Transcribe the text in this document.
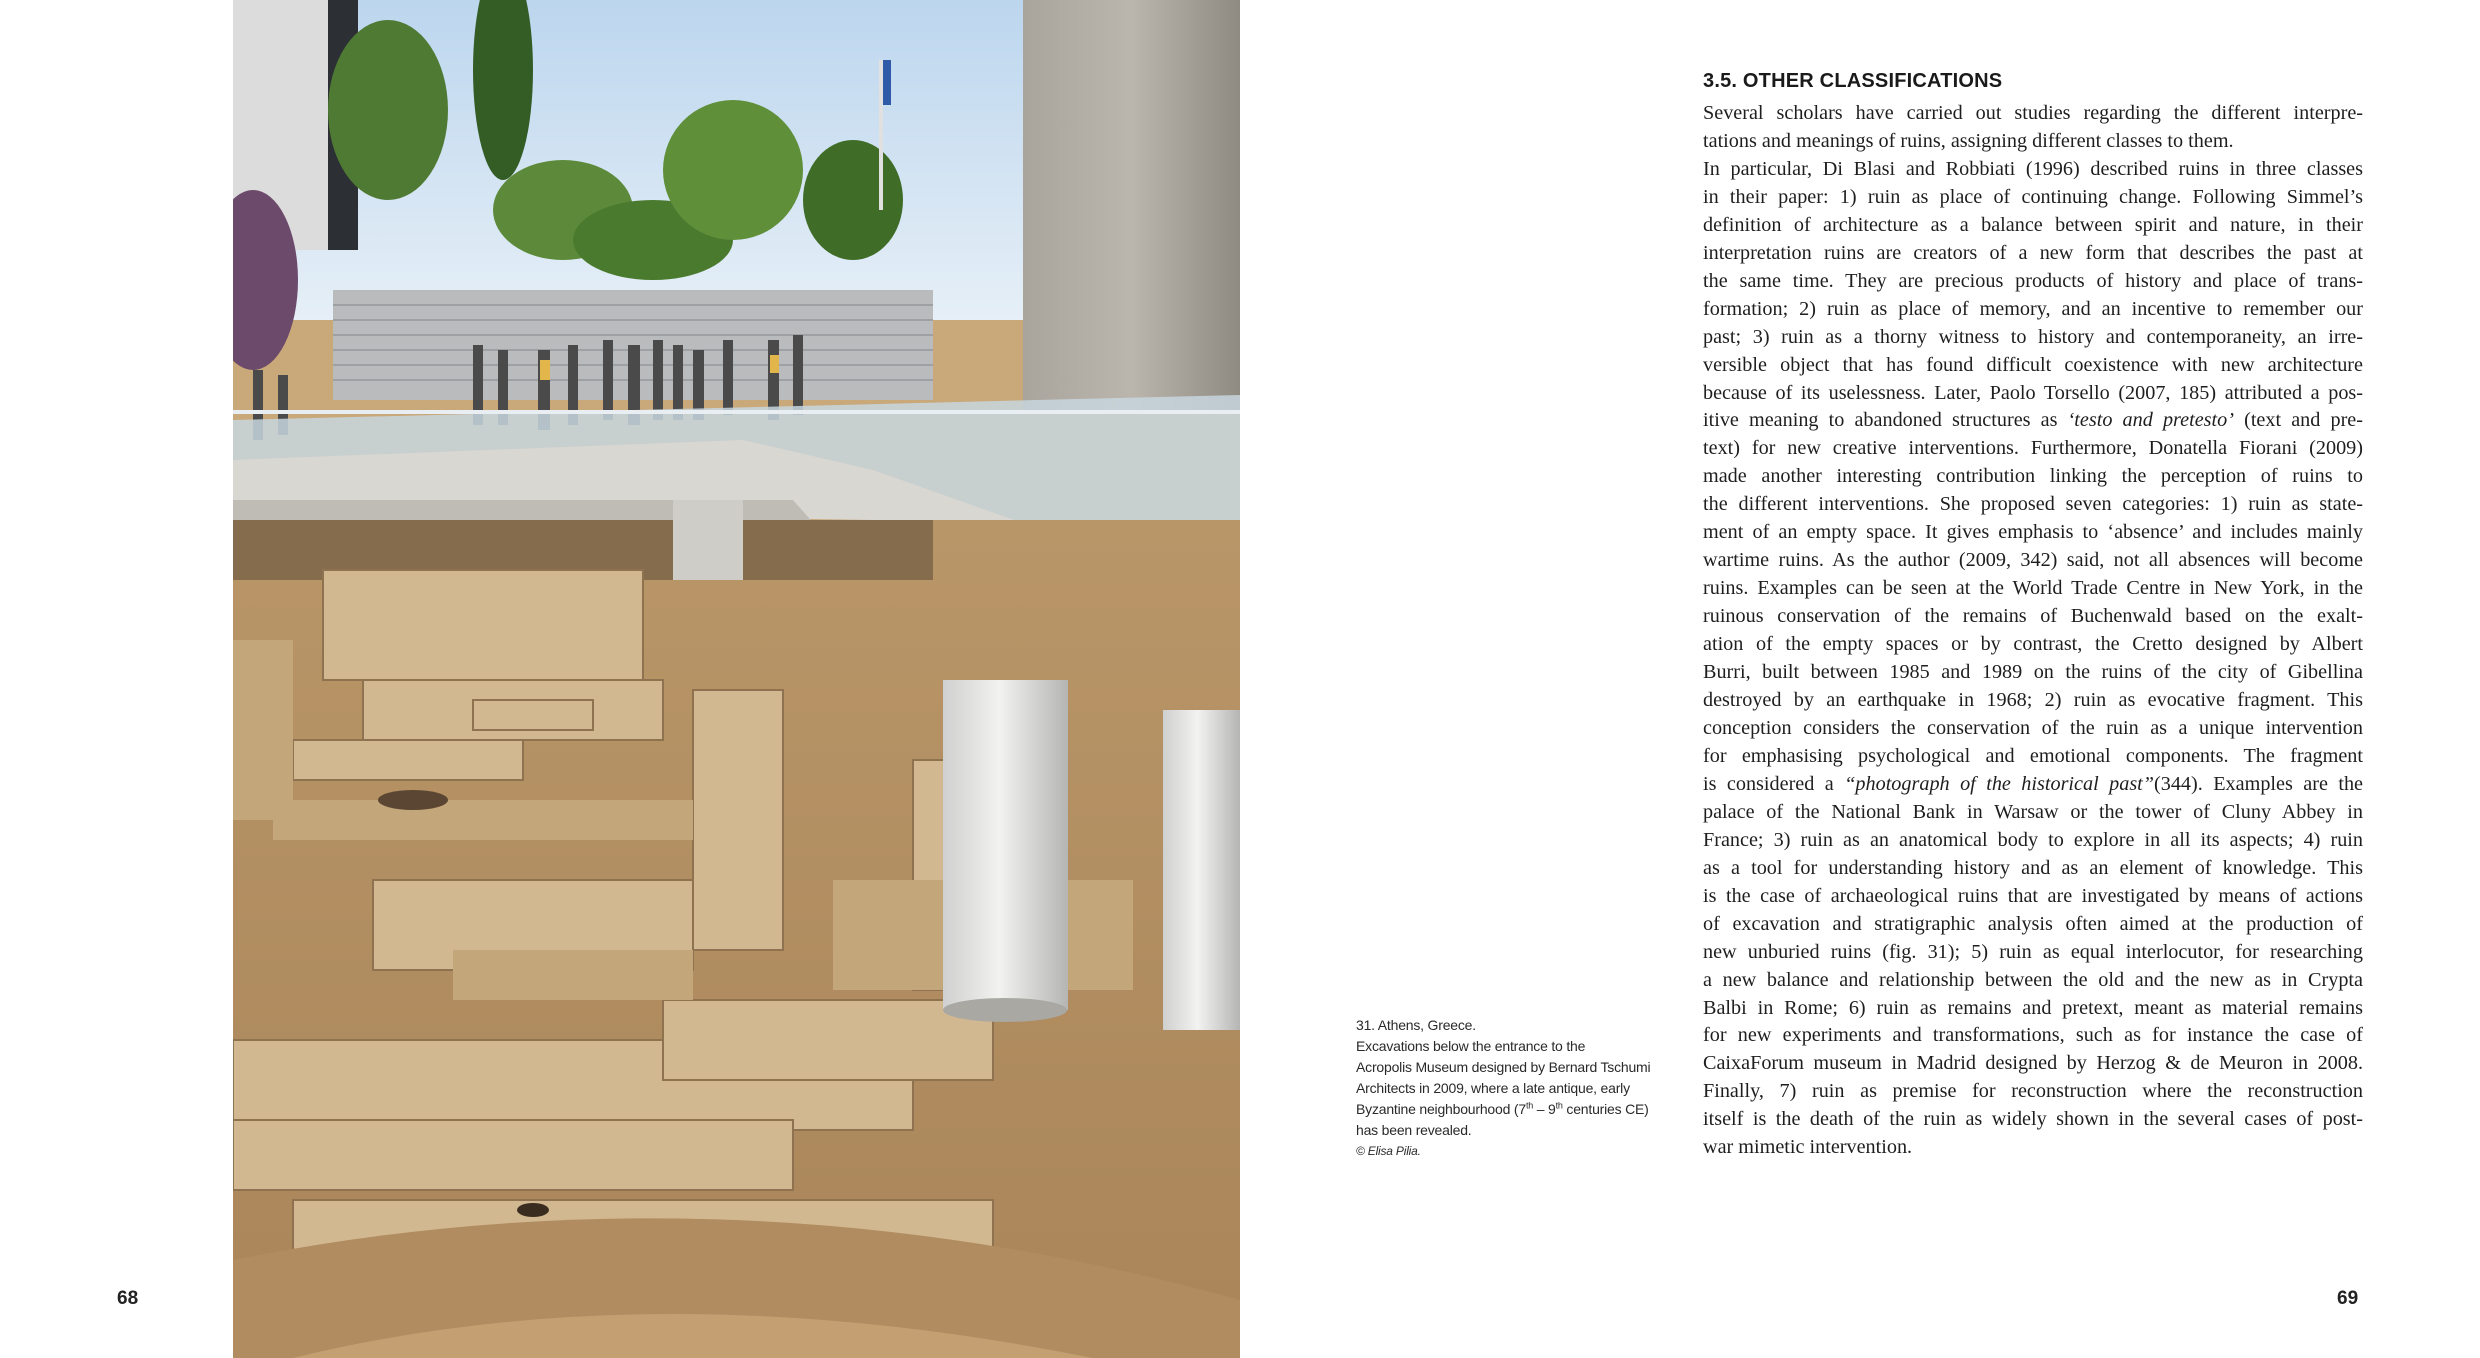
68
31. Athens, Greece.
Excavations below the entrance to the
Acropolis Museum designed by Bernard Tschumi
Architects in 2009, where a late antique, early
Byzantine neighbourhood (7th – 9th centuries CE)
has been revealed.
© Elisa Pilia.
3.5. OTHER CLASSIFICATIONS
Several scholars have carried out studies regarding the different interpre-
tations and meanings of ruins, assigning different classes to them.
In particular, Di Blasi and Robbiati (1996) described ruins in three classes
in their paper: 1) ruin as place of continuing change. Following Simmel’s
definition of architecture as a balance between spirit and nature, in their
interpretation ruins are creators of a new form that describes the past at
the same time. They are precious products of history and place of trans-
formation; 2) ruin as place of memory, and an incentive to remember our
past; 3) ruin as a thorny witness to history and contemporaneity, an irre-
versible object that has found difficult coexistence with new architecture
because of its uselessness. Later, Paolo Torsello (2007, 185) attributed a pos-
itive meaning to abandoned structures as ‘testo and pretesto’ (text and pre-
text) for new creative interventions. Furthermore, Donatella Fiorani (2009)
made another interesting contribution linking the perception of ruins to
the different interventions. She proposed seven categories: 1) ruin as state-
ment of an empty space. It gives emphasis to ‘absence’ and includes mainly
wartime ruins. As the author (2009, 342) said, not all absences will become
ruins. Examples can be seen at the World Trade Centre in New York, in the
ruinous conservation of the remains of Buchenwald based on the exalt-
ation of the empty spaces or by contrast, the Cretto designed by Albert
Burri, built between 1985 and 1989 on the ruins of the city of Gibellina
destroyed by an earthquake in 1968; 2) ruin as evocative fragment. This
conception considers the conservation of the ruin as a unique intervention
for emphasising psychological and emotional components. The fragment
is considered a “photograph of the historical past”(344). Examples are the
palace of the National Bank in Warsaw or the tower of Cluny Abbey in
France; 3) ruin as an anatomical body to explore in all its aspects; 4) ruin
as a tool for understanding history and as an element of knowledge. This
is the case of archaeological ruins that are investigated by means of actions
of excavation and stratigraphic analysis often aimed at the production of
new unburied ruins (fig. 31); 5) ruin as equal interlocutor, for researching
a new balance and relationship between the old and the new as in Crypta
Balbi in Rome; 6) ruin as remains and pretext, meant as material remains
for new experiments and transformations, such as for instance the case of
CaixaForum museum in Madrid designed by Herzog & de Meuron in 2008.
Finally, 7) ruin as premise for reconstruction where the reconstruction
itself is the death of the ruin as widely shown in the several cases of post-
war mimetic intervention.
69
